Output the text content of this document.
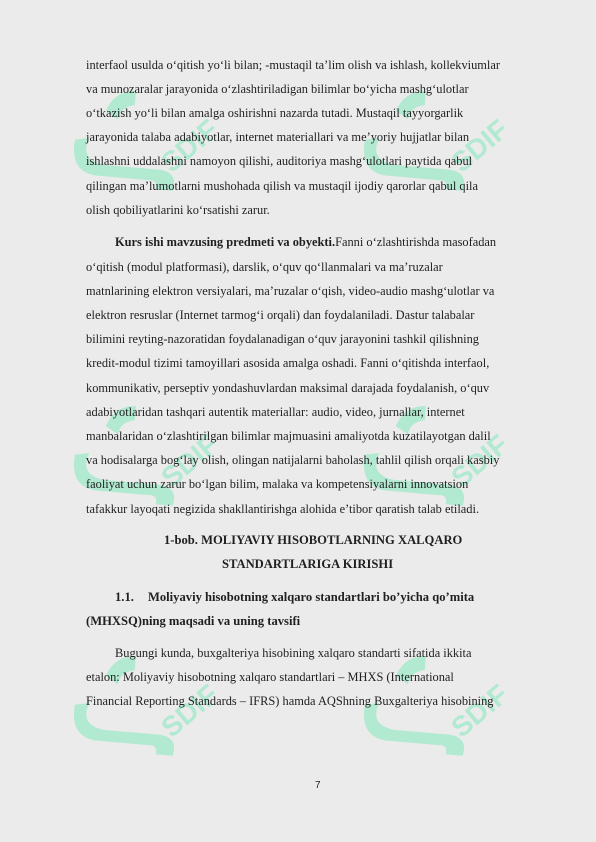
SDIF	SDIF
SDIF	SDIF
SDIF	SDIF
interfaol usulda o‘qitish yo‘li bilan; -mustaqil ta’lim olish va ishlash, kollekviumlar
va munozaralar jarayonida o‘zlashtiriladigan bilimlar bo‘yicha mashg‘ulotlar
o‘tkazish yo‘li bilan amalga oshirishni nazarda tutadi. Mustaqil tayyorgarlik
jarayonida talaba adabiyotlar, internet materiallari va me’yoriy hujjatlar bilan
ishlashni uddalashni namoyon qilishi, auditoriya mashg‘ulotlari paytida qabul
qilingan ma’lumotlarni mushohada qilish va mustaqil ijodiy qarorlar qabul qila
olish qobiliyatlarini ko‘rsatishi zarur.
Kurs ishi mavzusing predmeti va obyekti.Fanni o‘zlashtirishda masofadan
o‘qitish (modul platformasi), darslik, o‘quv qo‘llanmalari va ma’ruzalar
matnlarining elektron versiyalari, ma’ruzalar o‘qish, video-audio mashg‘ulotlar va
elektron resruslar (Internet tarmog‘i orqali) dan foydalaniladi. Dastur talabalar
bilimini reyting-nazoratidan foydalanadigan o‘quv jarayonini tashkil qilishning
kredit-modul tizimi tamoyillari asosida amalga oshadi. Fanni o‘qitishda interfaol,
kommunikativ, perseptiv yondashuvlardan maksimal darajada foydalanish, o‘quv
adabiyotlaridan tashqari autentik materiallar: audio, video, jurnallar, internet
manbalaridan o‘zlashtirilgan bilimlar majmuasini amaliyotda kuzatilayotgan dalil
va hodisalarga bog‘lay olish, olingan natijalarni baholash, tahlil qilish orqali kasbiy
faoliyat uchun zarur bo‘lgan bilim, malaka va kompetensiyalarni innovatsion
tafakkur layoqati negizida shakllantirishga alohida e’tibor qaratish talab etiladi.
1-bob. MOLIYAVIY HISOBOTLARNING XALQARO
STANDARTLARIGA KIRISHI
1.1. Moliyaviy hisobotning xalqaro standartlari bo’yicha qo’mita
(MHXSQ)ning maqsadi va uning tavsifi
Bugungi kunda, buxgalteriya hisobining xalqaro standarti sifatida ikkita
etalon: Moliyaviy hisobotning xalqaro standartlari – MHXS (International
Financial Reporting Standards – IFRS) hamda AQShning Buxgalteriya hisobining
7
